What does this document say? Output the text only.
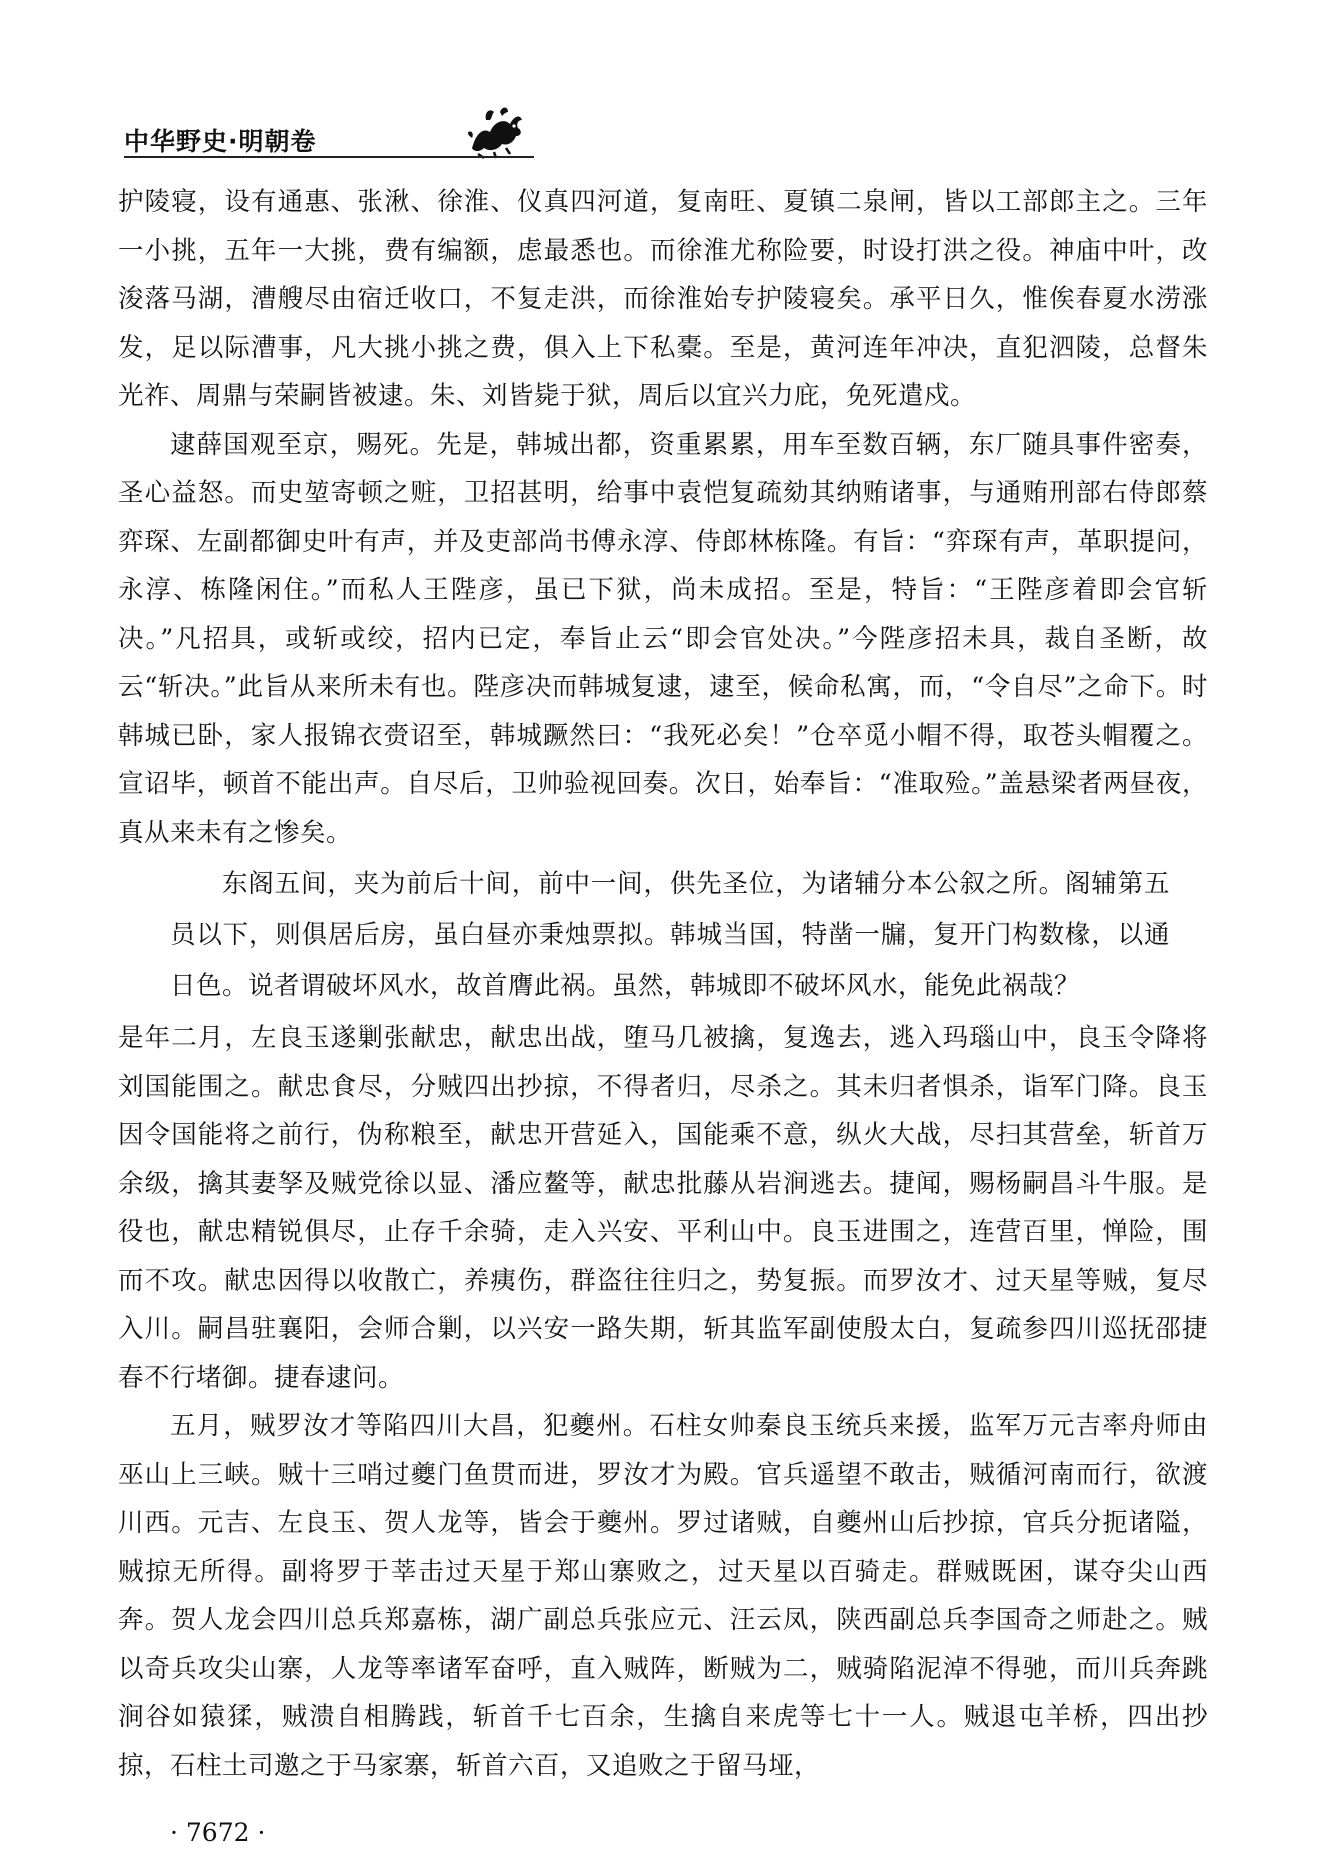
中华野史·明朝卷

护陵寝，设有通惠、张湫、徐淮、仪真四河道，复南旺、夏镇二泉闸，皆以工部郎主之。三年一小挑，五年一大挑，费有编额，虑最悉也。而徐淮尤称险要，时设打洪之役。神庙中叶，改浚落马湖，漕艘尽由宿迁收口，不复走洪，而徐淮始专护陵寝矣。承平日久，惟俟春夏水涝涨发，足以际漕事，凡大挑小挑之费，俱入上下私橐。至是，黄河连年冲决，直犯泗陵，总督朱光祚、周鼎与荣嗣皆被逮。朱、刘皆毙于狱，周后以宜兴力庇，免死遣戍。

逮薛国观至京，赐死。先是，韩城出都，资重累累，用车至数百辆，东厂随具事件密奏，圣心益怒。而史堃寄顿之赃，卫招甚明，给事中袁恺复疏劾其纳贿诸事，与通贿刑部右侍郎蔡弈琛、左副都御史叶有声，并及吏部尚书傅永淳、侍郎林栋隆。有旨：“弈琛有声，革职提问，永淳、栋隆闲住。”而私人王陛彦，虽已下狱，尚未成招。至是，特旨：“王陛彦着即会官斩决。”凡招具，或斩或绞，招内已定，奉旨止云“即会官处决。”今陛彦招未具，裁自圣断，故云“斩决。”此旨从来所未有也。陛彦决而韩城复逮，逮至，候命私寓，而，“令自尽”之命下。时韩城已卧，家人报锦衣赍诏至，韩城蹶然曰：“我死必矣！”仓卒觅小帽不得，取苍头帽覆之。宣诏毕，顿首不能出声。自尽后，卫帅验视回奏。次日，始奉旨：“准取殓。”盖悬梁者两昼夜，真从来未有之惨矣。

东阁五间，夹为前后十间，前中一间，供先圣位，为诸辅分本公叙之所。阁辅第五员以下，则俱居后房，虽白昼亦秉烛票拟。韩城当国，特凿一牖，复开门构数椽，以通日色。说者谓破坏风水，故首膺此祸。虽然，韩城即不破坏风水，能免此祸哉？

是年二月，左良玉遂剿张献忠，献忠出战，堕马几被擒，复逸去，逃入玛瑙山中，良玉令降将刘国能围之。献忠食尽，分贼四出抄掠，不得者归，尽杀之。其未归者惧杀，诣军门降。良玉因令国能将之前行，伪称粮至，献忠开营延入，国能乘不意，纵火大战，尽扫其营垒，斩首万余级，擒其妻孥及贼党徐以显、潘应鳌等，献忠批藤从岩涧逃去。捷闻，赐杨嗣昌斗牛服。是役也，献忠精锐俱尽，止存千余骑，走入兴安、平利山中。良玉进围之，连营百里，惮险，围而不攻。献忠因得以收散亡，养痍伤，群盗往往归之，势复振。而罗汝才、过天星等贼，复尽入川。嗣昌驻襄阳，会师合剿，以兴安一路失期，斩其监军副使殷太白，复疏参四川巡抚邵捷春不行堵御。捷春逮问。

五月，贼罗汝才等陷四川大昌，犯夔州。石柱女帅秦良玉统兵来援，监军万元吉率舟师由巫山上三峡。贼十三哨过夔门鱼贯而进，罗汝才为殿。官兵遥望不敢击，贼循河南而行，欲渡川西。元吉、左良玉、贺人龙等，皆会于夔州。罗过诸贼，自夔州山后抄掠，官兵分扼诸隘，贼掠无所得。副将罗于莘击过天星于郑山寨败之，过天星以百骑走。群贼既困，谋夺尖山西奔。贺人龙会四川总兵郑嘉栋，湖广副总兵张应元、汪云凤，陕西副总兵李国奇之师赴之。贼以奇兵攻尖山寨，人龙等率诸军奋呼，直入贼阵，断贼为二，贼骑陷泥淖不得驰，而川兵奔跳涧谷如猿猱，贼溃自相腾践，斩首千七百余，生擒自来虎等七十一人。贼退屯羊桥，四出抄掠，石柱土司邀之于马家寨，斩首六百，又追败之于留马垭，

· 7672 ·
